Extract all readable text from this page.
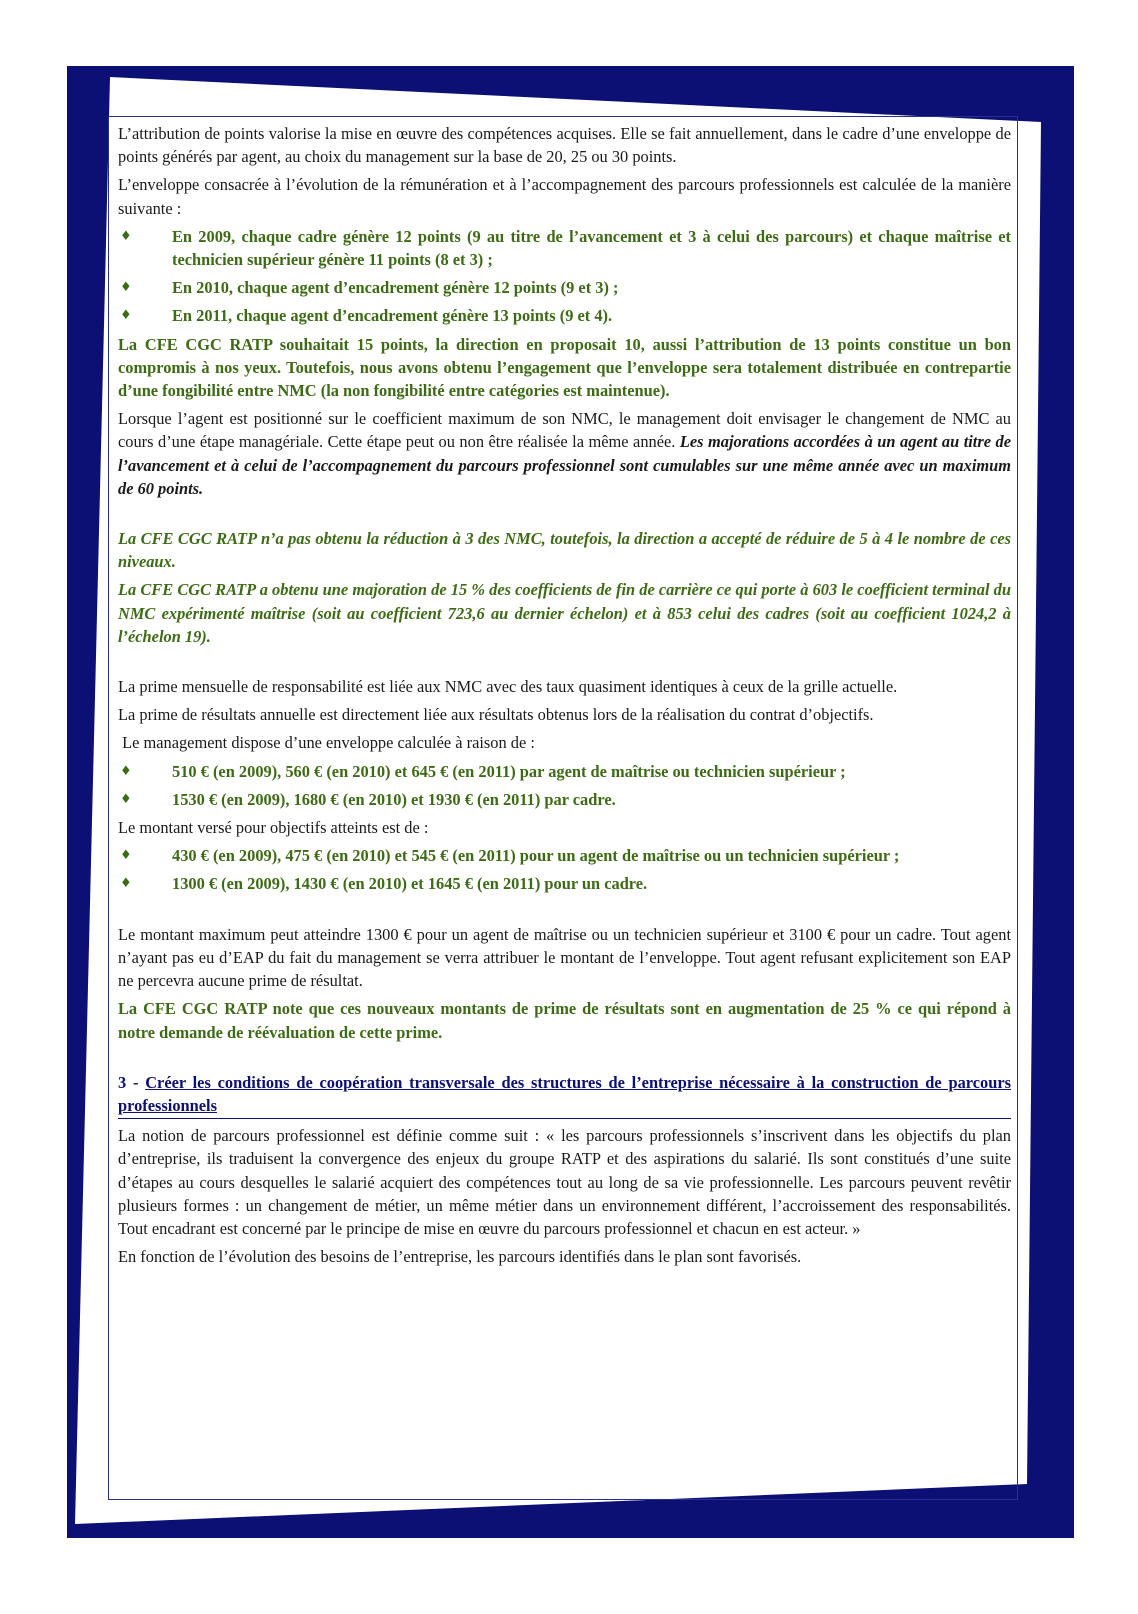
L’attribution de points valorise la mise en œuvre des compétences acquises. Elle se fait annuellement, dans le cadre d’une enveloppe de points générés par agent, au choix du management sur la base de 20, 25 ou 30 points.

L’enveloppe consacrée à l’évolution de la rémunération et à l’accompagnement des parcours professionnels est calculée de la manière suivante :

♦ En 2009, chaque cadre génère 12 points (9 au titre de l’avancement et 3 à celui des parcours) et chaque maîtrise et technicien supérieur génère 11 points (8 et 3) ;
♦ En 2010, chaque agent d’encadrement génère 12 points (9 et 3) ;
♦ En 2011, chaque agent d’encadrement génère 13 points (9 et 4).

La CFE CGC RATP souhaitait 15 points, la direction en proposait 10, aussi l’attribution de 13 points constitue un bon compromis à nos yeux. Toutefois, nous avons obtenu l’engagement que l’enveloppe sera totalement distribuée en contrepartie d’une fongibilité entre NMC (la non fongibilité entre catégories est maintenue).

Lorsque l’agent est positionné sur le coefficient maximum de son NMC, le management doit envisager le changement de NMC au cours d’une étape managériale. Cette étape peut ou non être réalisée la même année. Les majorations accordées à un agent au titre de l’avancement et à celui de l’accompagnement du parcours professionnel sont cumulables sur une même année avec un maximum de 60 points.

La CFE CGC RATP n’a pas obtenu la réduction à 3 des NMC, toutefois, la direction a accepté de réduire de 5 à 4 le nombre de ces niveaux.

La CFE CGC RATP a obtenu une majoration de 15 % des coefficients de fin de carrière ce qui porte à 603 le coefficient terminal du NMC expérimenté maîtrise (soit au coefficient 723,6 au dernier échelon) et à 853 celui des cadres (soit au coefficient 1024,2 à l’échelon 19).

La prime mensuelle de responsabilité est liée aux NMC avec des taux quasiment identiques à ceux de la grille actuelle.

La prime de résultats annuelle est directement liée aux résultats obtenus lors de la réalisation du contrat d’objectifs.

Le management dispose d’une enveloppe calculée à raison de :

♦ 510 € (en 2009), 560 € (en 2010) et 645 € (en 2011) par agent de maîtrise ou technicien supérieur ;
♦ 1530 € (en 2009), 1680 € (en 2010) et 1930 € (en 2011) par cadre.

Le montant versé pour objectifs atteints est de :

♦ 430 € (en 2009), 475 € (en 2010) et 545 € (en 2011) pour un agent de maîtrise ou un technicien supérieur ;
♦ 1300 € (en 2009), 1430 € (en 2010) et 1645 € (en 2011) pour un cadre.

Le montant maximum peut atteindre 1300 € pour un agent de maîtrise ou un technicien supérieur et 3100 € pour un cadre. Tout agent n’ayant pas eu d’EAP du fait du management se verra attribuer le montant de l’enveloppe. Tout agent refusant explicitement son EAP ne percevra aucune prime de résultat.

La CFE CGC RATP note que ces nouveaux montants de prime de résultats sont en augmentation de 25 % ce qui répond à notre demande de réévaluation de cette prime.

3 - Créer les conditions de coopération transversale des structures de l’entreprise nécessaire à la construction de parcours professionnels

La notion de parcours professionnel est définie comme suit : « les parcours professionnels s’inscrivent dans les objectifs du plan d’entreprise, ils traduisent la convergence des enjeux du groupe RATP et des aspirations du salarié. Ils sont constitués d’une suite d’étapes au cours desquelles le salarié acquiert des compétences tout au long de sa vie professionnelle. Les parcours peuvent revêtir plusieurs formes : un changement de métier, un même métier dans un environnement différent, l’accroissement des responsabilités. Tout encadrant est concerné par le principe de mise en œuvre du parcours professionnel et chacun en est acteur. »

En fonction de l’évolution des besoins de l’entreprise, les parcours identifiés dans le plan sont favorisés.
